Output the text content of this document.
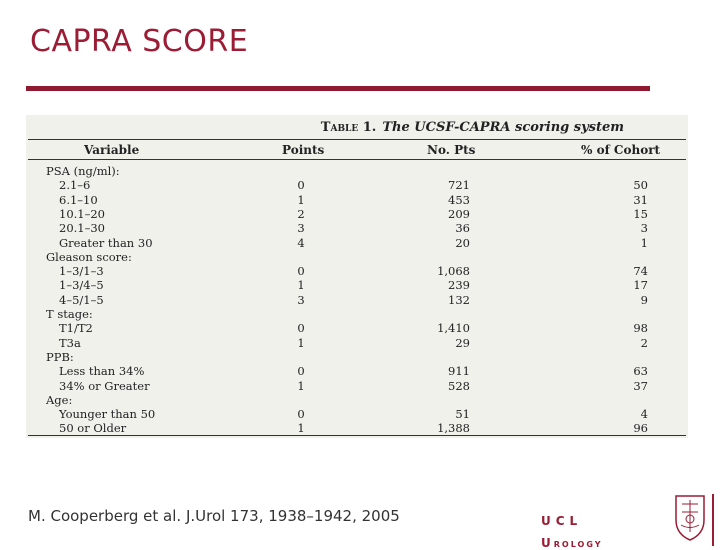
CAPRA SCORE
Table 1. The UCSF-CAPRA scoring system
Variable	Points	No. Pts	% of Cohort
PSA (ng/ml):
2.1–6	0	721	50
6.1–10	1	453	31
10.1–20	2	209	15
20.1–30	3	36	3
Greater than 30	4	20	1
Gleason score:
1–3/1–3	0	1,068	74
1–3/4–5	1	239	17
4–5/1–5	3	132	9
T stage:
T1/T2	0	1,410	98
T3a	1	29	2
PPB:
Less than 34%	0	911	63
34% or Greater	1	528	37
Age:
Younger than 50	0	51	4
50 or Older	1	1,388	96
M. Cooperberg et al. J.Urol 173, 1938–1942, 2005	UCL
UROLOGY
